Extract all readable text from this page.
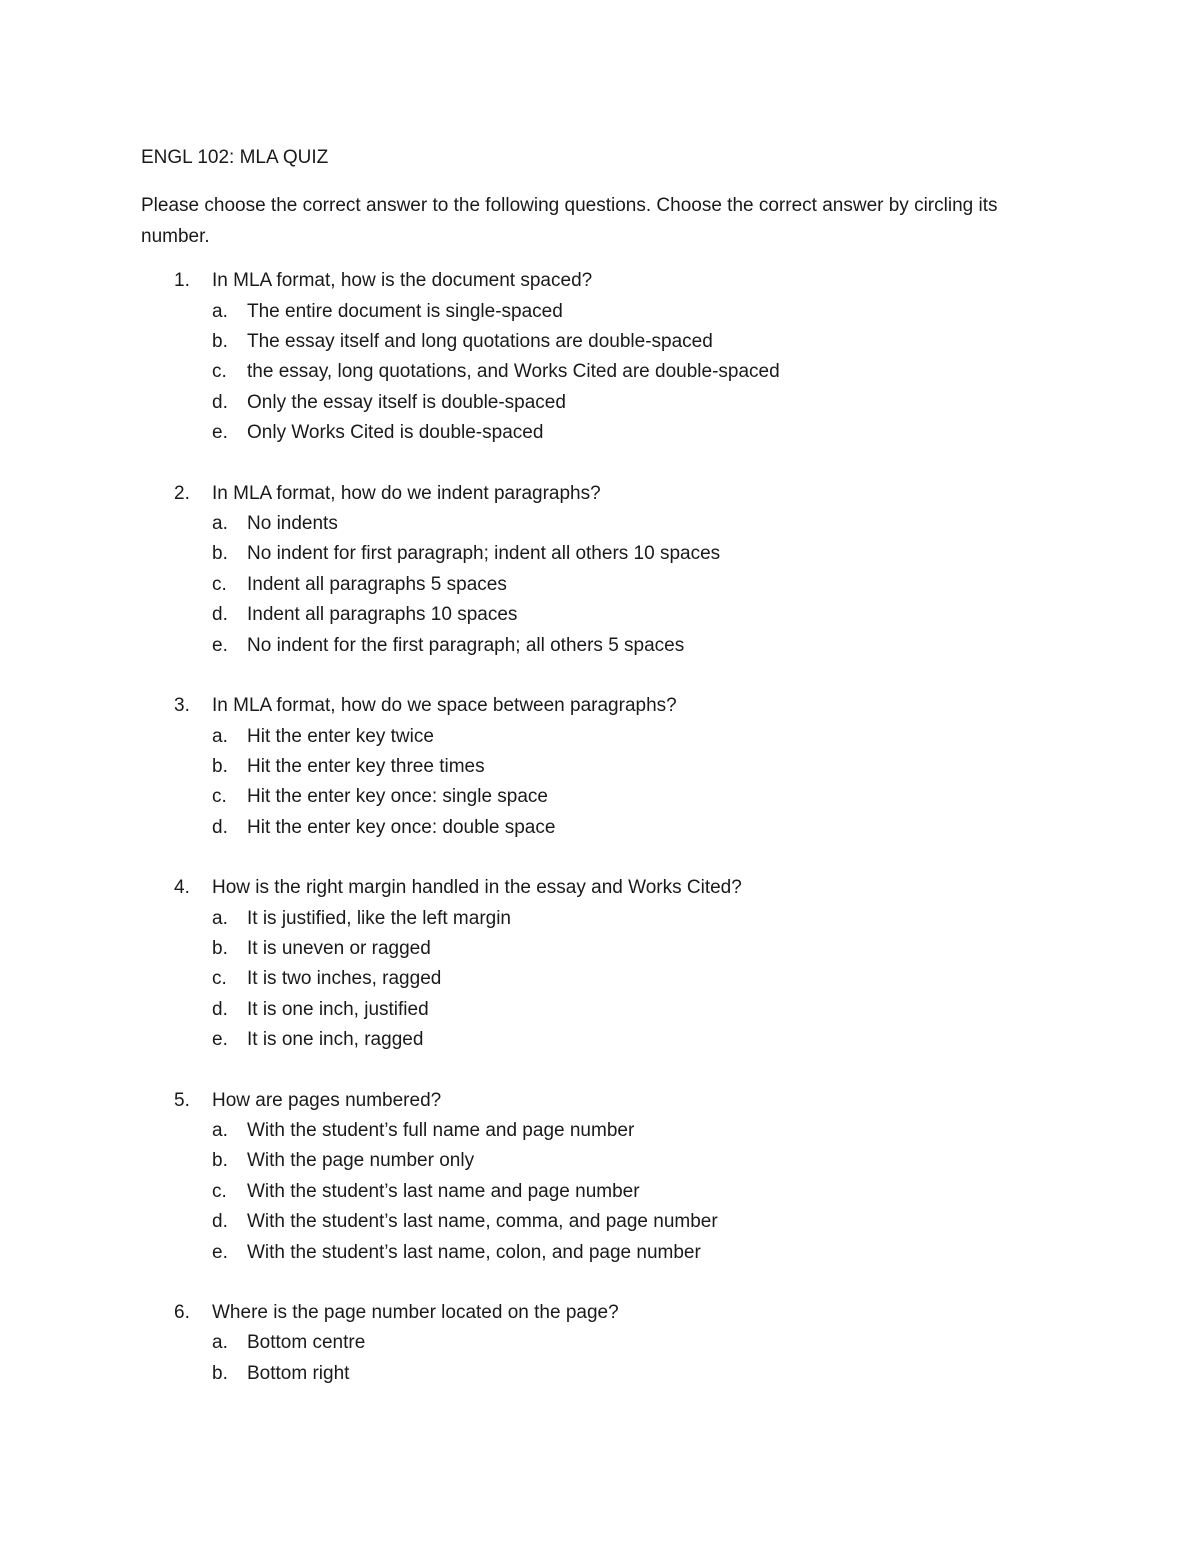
ENGL 102: MLA QUIZ

Please choose the correct answer to the following questions. Choose the correct answer by circling its number.

1. In MLA format, how is the document spaced?
a. The entire document is single-spaced
b. The essay itself and long quotations are double-spaced
c. the essay, long quotations, and Works Cited are double-spaced
d. Only the essay itself is double-spaced
e. Only Works Cited is double-spaced
2. In MLA format, how do we indent paragraphs?
a. No indents
b. No indent for first paragraph; indent all others 10 spaces
c. Indent all paragraphs 5 spaces
d. Indent all paragraphs 10 spaces
e. No indent for the first paragraph; all others 5 spaces
3. In MLA format, how do we space between paragraphs?
a. Hit the enter key twice
b. Hit the enter key three times
c. Hit the enter key once: single space
d. Hit the enter key once: double space
4. How is the right margin handled in the essay and Works Cited?
a. It is justified, like the left margin
b. It is uneven or ragged
c. It is two inches, ragged
d. It is one inch, justified
e. It is one inch, ragged
5. How are pages numbered?
a. With the student’s full name and page number
b. With the page number only
c. With the student’s last name and page number
d. With the student’s last name, comma, and page number
e. With the student’s last name, colon, and page number
6. Where is the page number located on the page?
a. Bottom centre
b. Bottom right
